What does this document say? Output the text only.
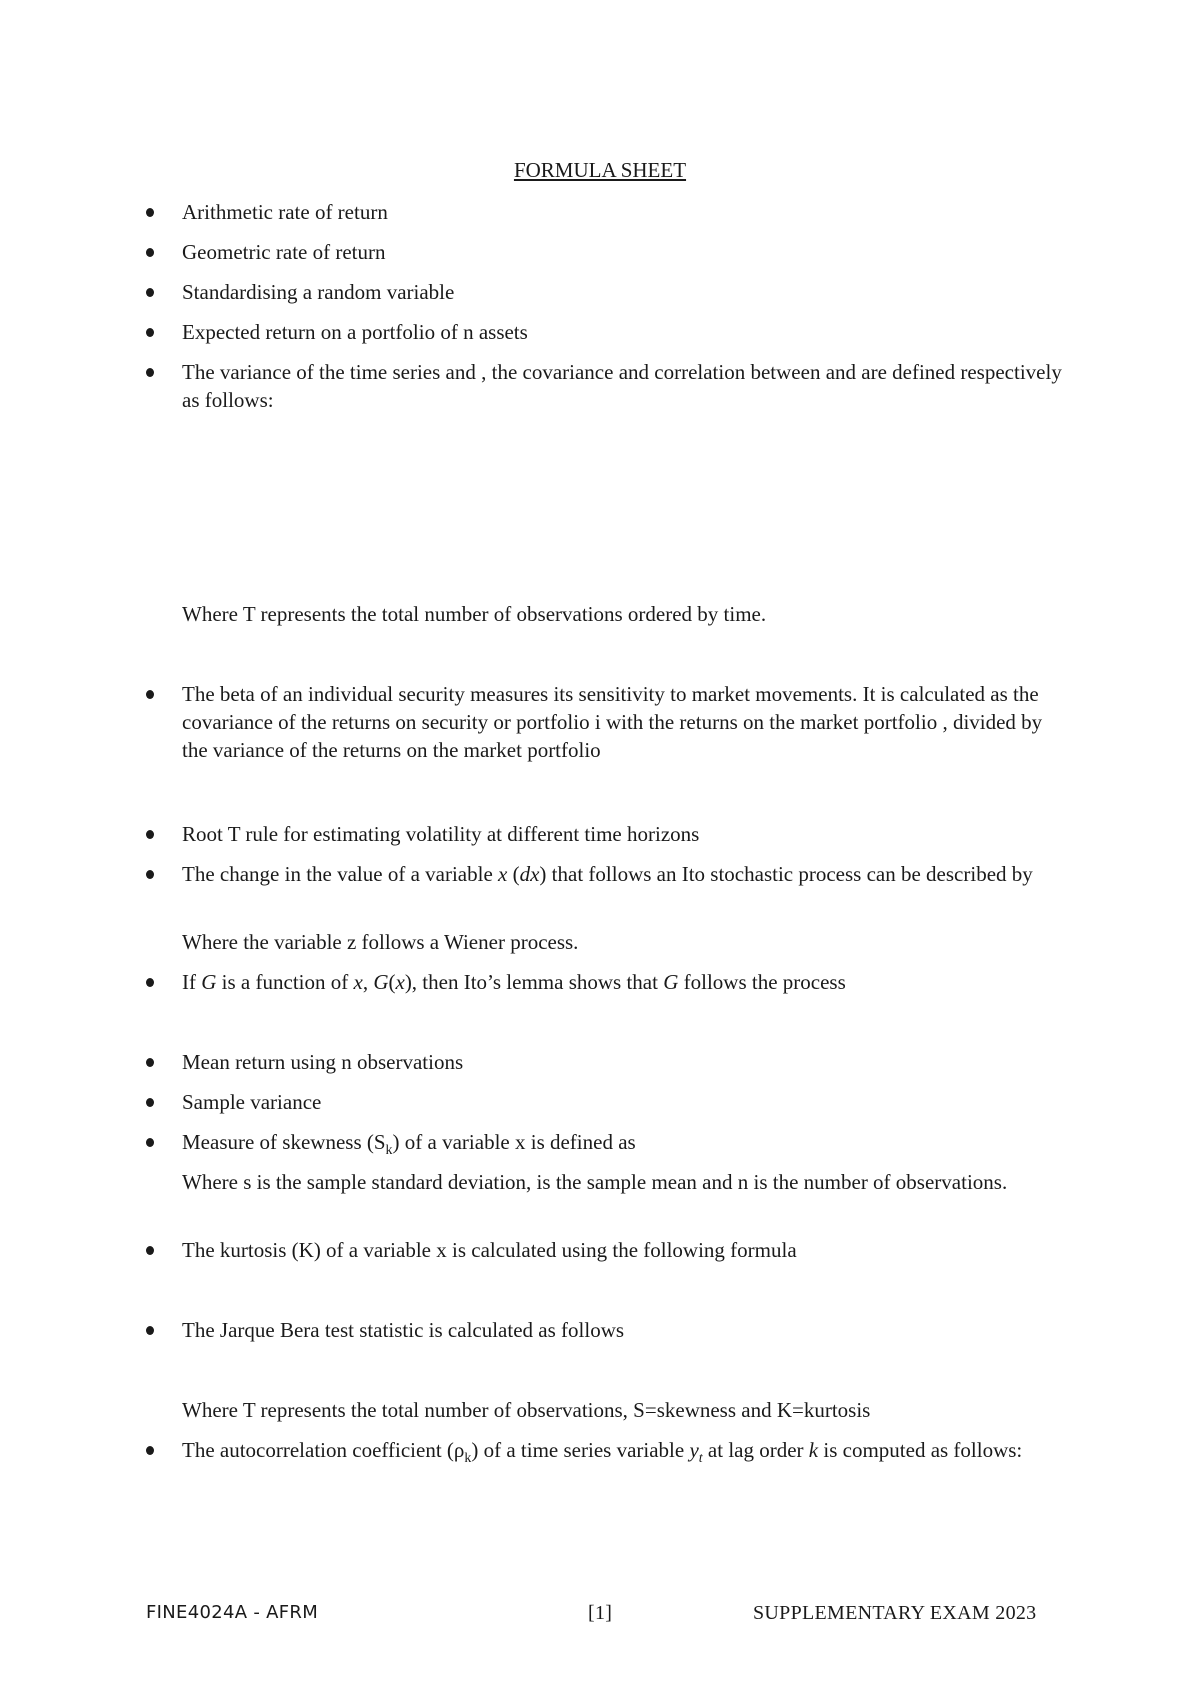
FORMULA SHEET
Arithmetic rate of return
Geometric rate of return
Standardising a random variable
Expected return on a portfolio of n assets
The variance of the time series and , the covariance and correlation between and are defined respectively as follows:
Where T represents the total number of observations ordered by time.
The beta of an individual security measures its sensitivity to market movements. It is calculated as the covariance of the returns on security or portfolio i with the returns on the market portfolio , divided by the variance of the returns on the market portfolio
Root T rule for estimating volatility at different time horizons
The change in the value of a variable x (dx) that follows an Ito stochastic process can be described by
Where the variable z follows a Wiener process.
If G is a function of x, G(x), then Ito’s lemma shows that G follows the process
Mean return using n observations
Sample variance
Measure of skewness $(S_k)$ of a variable x is defined as
Where s is the sample standard deviation, is the sample mean and n is the number of observations.
The kurtosis (K) of a variable x is calculated using the following formula
The Jarque Bera test statistic is calculated as follows
Where T represents the total number of observations, S=skewness and K=kurtosis
The autocorrelation coefficient $(\rho_k)$ of a time series variable $y_t$ at lag order k is computed as follows:
FINE4024A - AFRM	[1]	SUPPLEMENTARY EXAM 2023
